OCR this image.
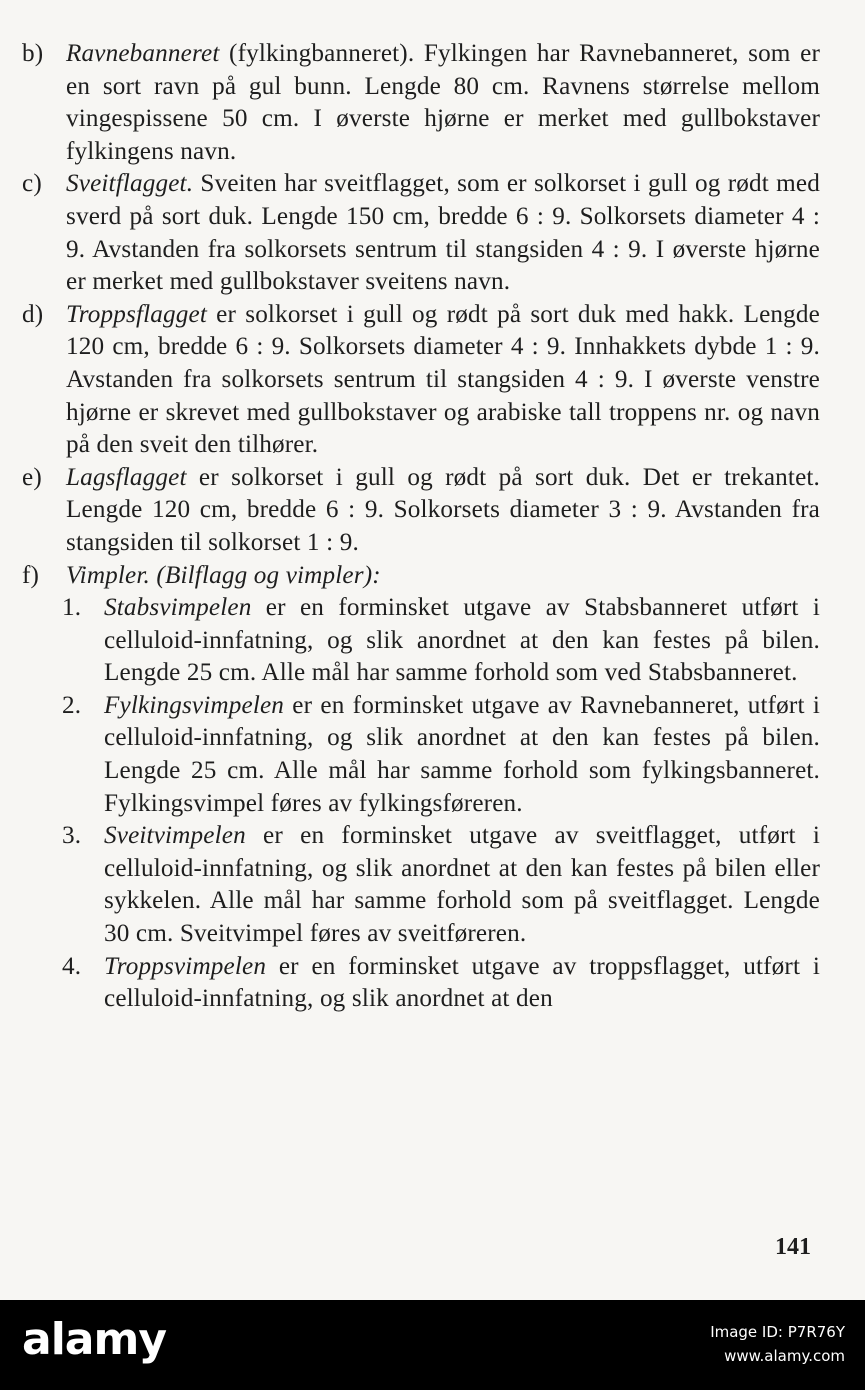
b) Ravnebanneret (fylkingbanneret). Fylkingen har Ravnebanneret, som er en sort ravn på gul bunn. Lengde 80 cm. Ravnens størrelse mellom vingespissene 50 cm. I øverste hjørne er merket med gullbokstaver fylkingens navn.
c) Sveitflagget. Sveiten har sveitflagget, som er solkorset i gull og rødt med sverd på sort duk. Lengde 150 cm, bredde 6 : 9. Solkorsets diameter 4 : 9. Avstanden fra solkorsets sentrum til stangsiden 4 : 9. I øverste hjørne er merket med gullbokstaver sveitens navn.
d) Troppsflagget er solkorset i gull og rødt på sort duk med hakk. Lengde 120 cm, bredde 6 : 9. Solkorsets diameter 4 : 9. Innhakkets dybde 1 : 9. Avstanden fra solkorsets sentrum til stangsiden 4 : 9. I øverste venstre hjørne er skrevet med gullbokstaver og arabiske tall troppens nr. og navn på den sveit den tilhører.
e) Lagsflagget er solkorset i gull og rødt på sort duk. Det er trekantet. Lengde 120 cm, bredde 6 : 9. Solkorsets diameter 3 : 9. Avstanden fra stangsiden til solkorset 1 : 9.
f) Vimpler. (Bilflagg og vimpler):
1. Stabsvimpelen er en forminsket utgave av Stabsbanneret utført i celluloid-innfatning, og slik anordnet at den kan festes på bilen. Lengde 25 cm. Alle mål har samme forhold som ved Stabsbanneret.
2. Fylkingsvimpelen er en forminsket utgave av Ravnebanneret, utført i celluloid-innfatning, og slik anordnet at den kan festes på bilen. Lengde 25 cm. Alle mål har samme forhold som fylkingsbanneret. Fylkingsvimpel føres av fylkingsføreren.
3. Sveitvimpelen er en forminsket utgave av sveitflagget, utført i celluloid-innfatning, og slik anordnet at den kan festes på bilen eller sykkelen. Alle mål har samme forhold som på sveitflagget. Lengde 30 cm. Sveitvimpel føres av sveitføreren.
4. Troppsvimpelen er en forminsket utgave av troppsflagget, utført i celluloid-innfatning, og slik anordnet at den
141
alamy	Image ID: P7R76Y
www.alamy.com
